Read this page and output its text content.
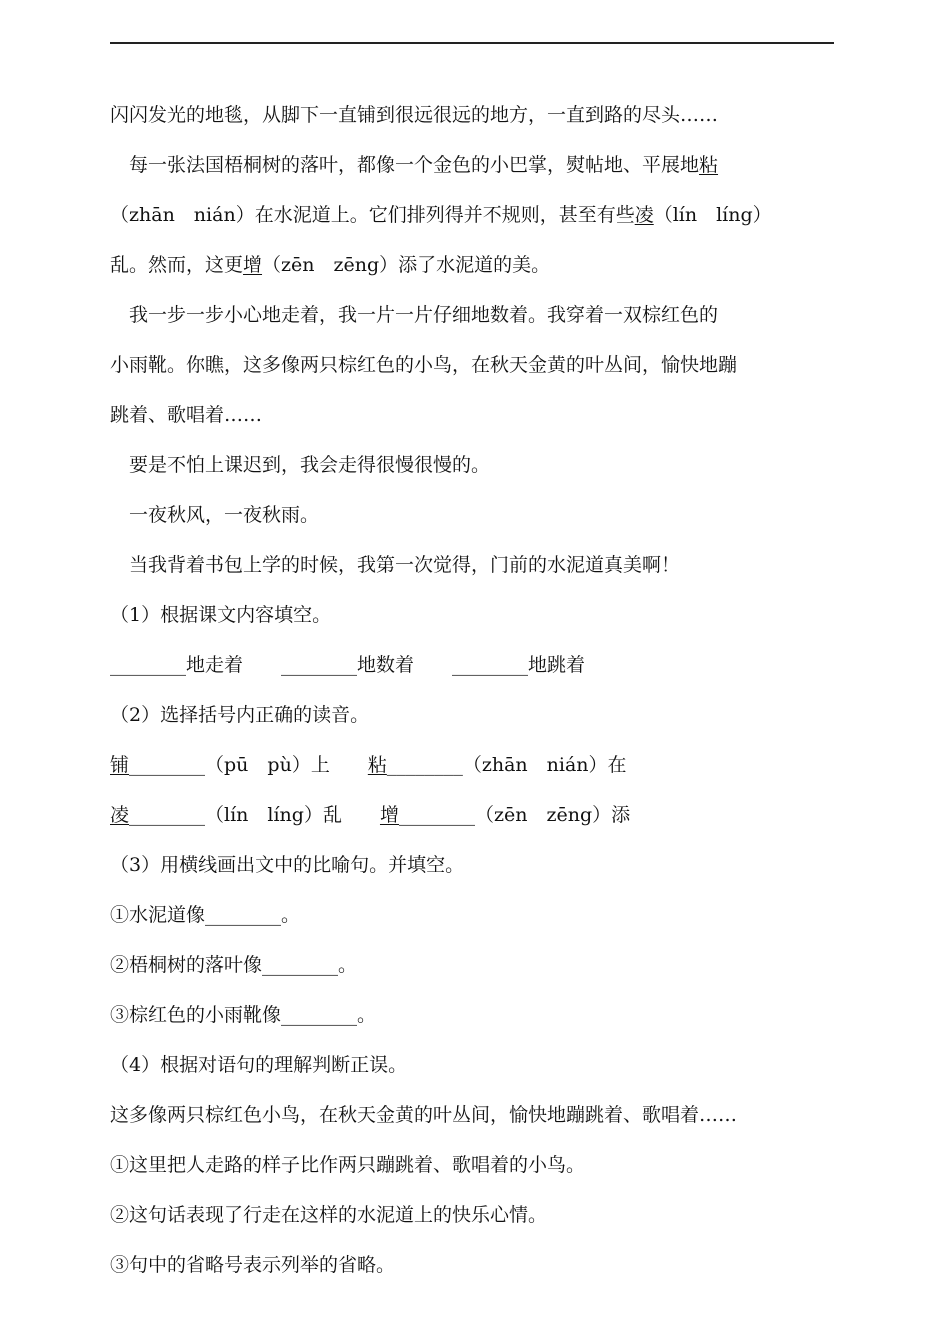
闪闪发光的地毯，从脚下一直铺到很远很远的地方，一直到路的尽头……
　每一张法国梧桐树的落叶，都像一个金色的小巴掌，熨帖地、平展地粘
（zhān　nián）在水泥道上。它们排列得并不规则，甚至有些凌（lín　líng）
乱。然而，这更增（zēn　zēng）添了水泥道的美。
　我一步一步小心地走着，我一片一片仔细地数着。我穿着一双棕红色的
小雨靴。你瞧，这多像两只棕红色的小鸟，在秋天金黄的叶丛间，愉快地蹦
跳着、歌唱着……
　要是不怕上课迟到，我会走得很慢很慢的。
　一夜秋风，一夜秋雨。
　当我背着书包上学的时候，我第一次觉得，门前的水泥道真美啊！
（1）根据课文内容填空。
________地走着　　________地数着　　________地跳着
（2）选择括号内正确的读音。
铺________（pū　pù）上　　粘________（zhān　nián）在
凌________（lín　líng）乱　　增________（zēn　zēng）添
（3）用横线画出文中的比喻句。并填空。
①水泥道像________。
②梧桐树的落叶像________。
③棕红色的小雨靴像________。
（4）根据对语句的理解判断正误。
这多像两只棕红色小鸟，在秋天金黄的叶丛间，愉快地蹦跳着、歌唱着……
①这里把人走路的样子比作两只蹦跳着、歌唱着的小鸟。
②这句话表现了行走在这样的水泥道上的快乐心情。
③句中的省略号表示列举的省略。
